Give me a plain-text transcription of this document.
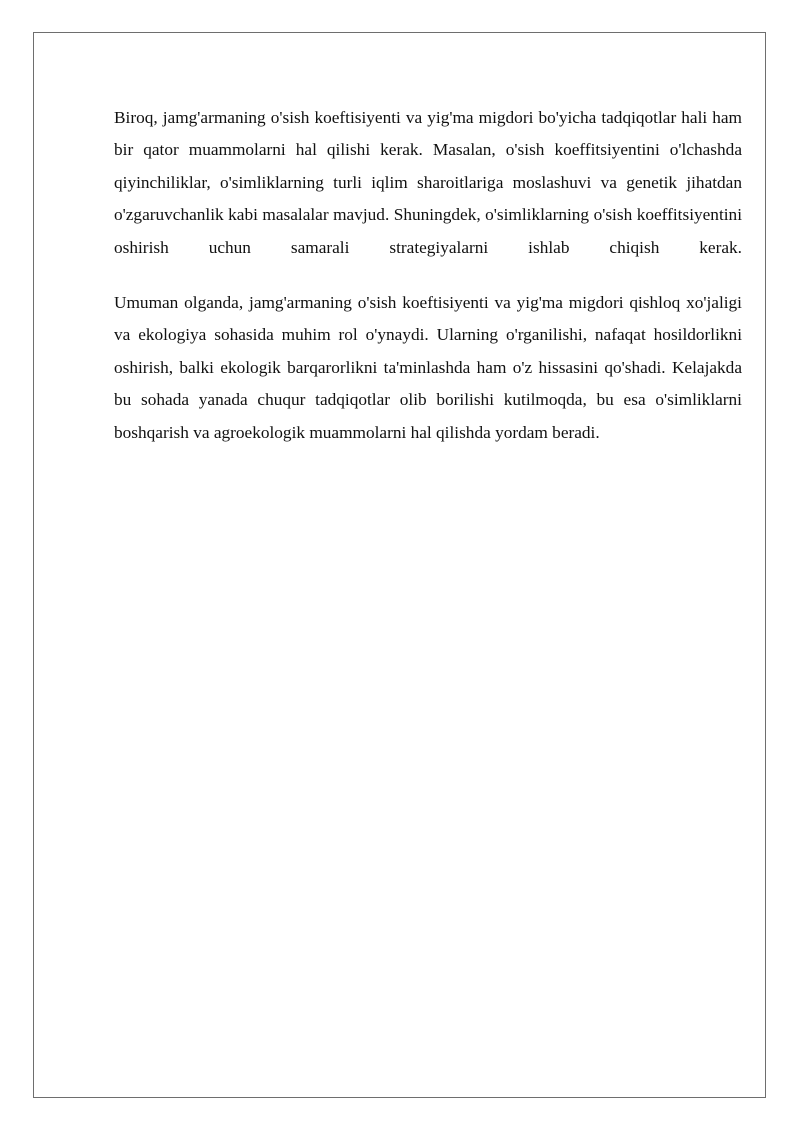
Biroq, jamg'armaning o'sish koeftisiyenti va yig'ma migdori bo'yicha tadqiqotlar hali ham bir qator muammolarni hal qilishi kerak. Masalan, o'sish koeffitsiyentini o'lchashda qiyinchiliklar, o'simliklarning turli iqlim sharoitlariga moslashuvi va genetik jihatdan o'zgaruvchanlik kabi masalalar mavjud. Shuningdek, o'simliklarning o'sish koeffitsiyentini oshirish uchun samarali strategiyalarni ishlab chiqish kerak.

Umuman olganda, jamg'armaning o'sish koeftisiyenti va yig'ma migdori qishloq xo'jaligi va ekologiya sohasida muhim rol o'ynaydi. Ularning o'rganilishi, nafaqat hosildorlikni oshirish, balki ekologik barqarorlikni ta'minlashda ham o'z hissasini qo'shadi. Kelajakda bu sohada yanada chuqur tadqiqotlar olib borilishi kutilmoqda, bu esa o'simliklarni boshqarish va agroekologik muammolarni hal qilishda yordam beradi.
